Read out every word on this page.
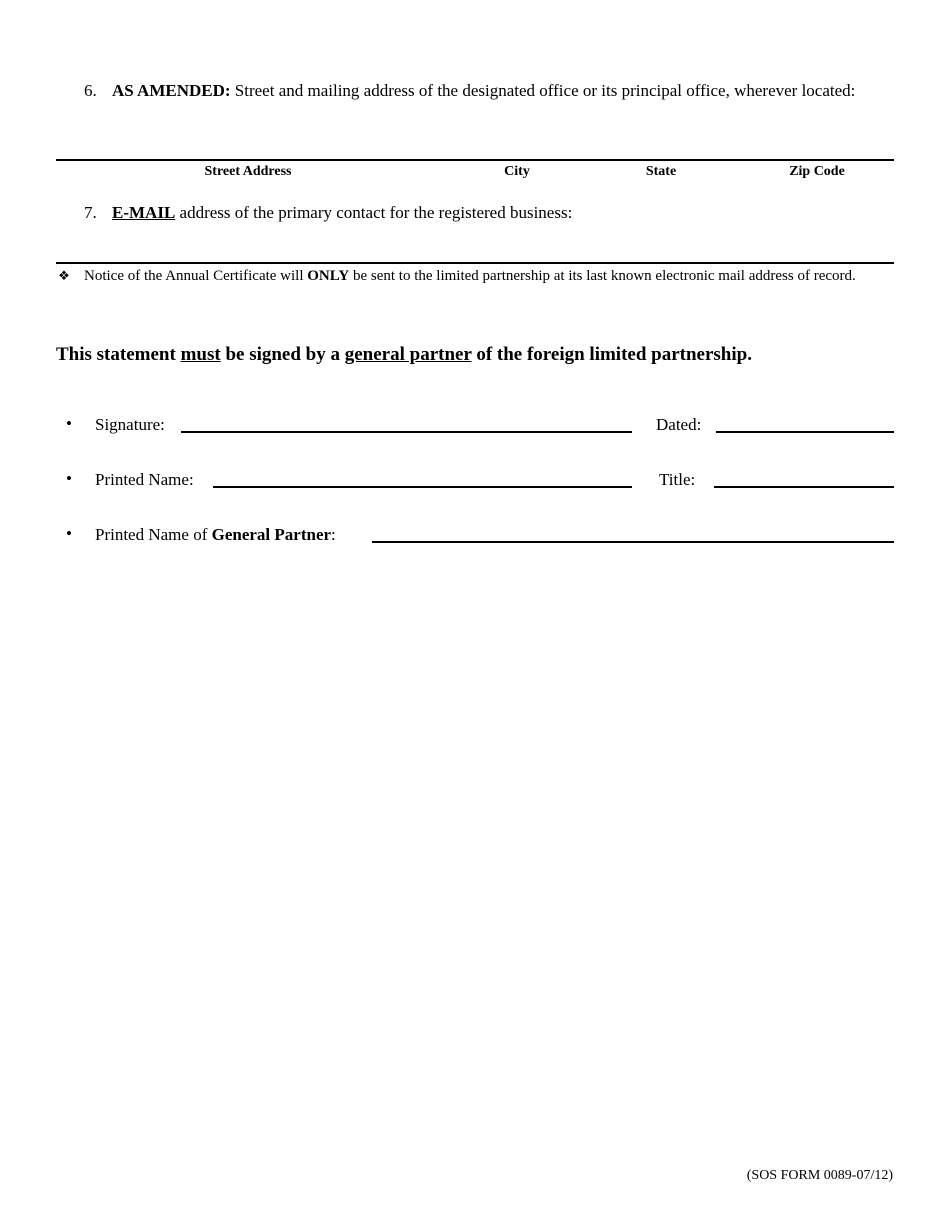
6. AS AMENDED: Street and mailing address of the designated office or its principal office, wherever located:
Street Address	City	State	Zip Code
7. E-MAIL address of the primary contact for the registered business:
❖ Notice of the Annual Certificate will ONLY be sent to the limited partnership at its last known electronic mail address of record.
This statement must be signed by a general partner of the foreign limited partnership.
• Signature:	Dated:
• Printed Name:	Title:
• Printed Name of General Partner:
(SOS FORM 0089-07/12)
